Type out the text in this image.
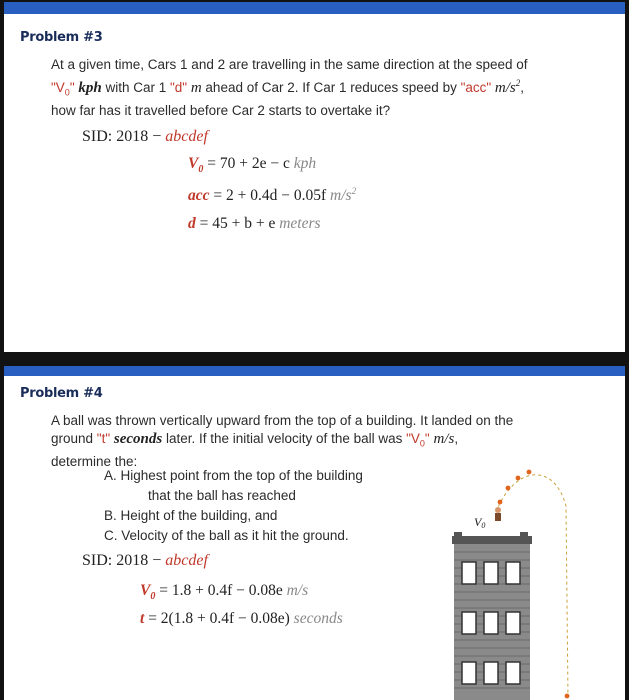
Problem #3
At a given time, Cars 1 and 2 are travelling in the same direction at the speed of
"$V_0$" kph with Car 1 "d" m ahead of Car 2. If Car 1 reduces speed by "acc" $m/s^2$,
how far has it travelled before Car 2 starts to overtake it?
SID: 2018 − abcdef
$V_0 = 70 + 2e - c$ kph
acc = 2 + 0.4d − 0.05f $m/s^2$
d = 45 + b + e meters
Problem #4
A ball was thrown vertically upward from the top of a building. It landed on the
ground "t" seconds later. If the initial velocity of the ball was "$V_0$" m/s,
determine the:
A. Highest point from the top of the building
that the ball has reached
B. Height of the building, and
C. Velocity of the ball as it hit the ground.
SID: 2018 − abcdef
$V_0 = 1.8 + 0.4f - 0.08e$ m/s
t = 2(1.8 + 0.4f − 0.08e) seconds
V0
